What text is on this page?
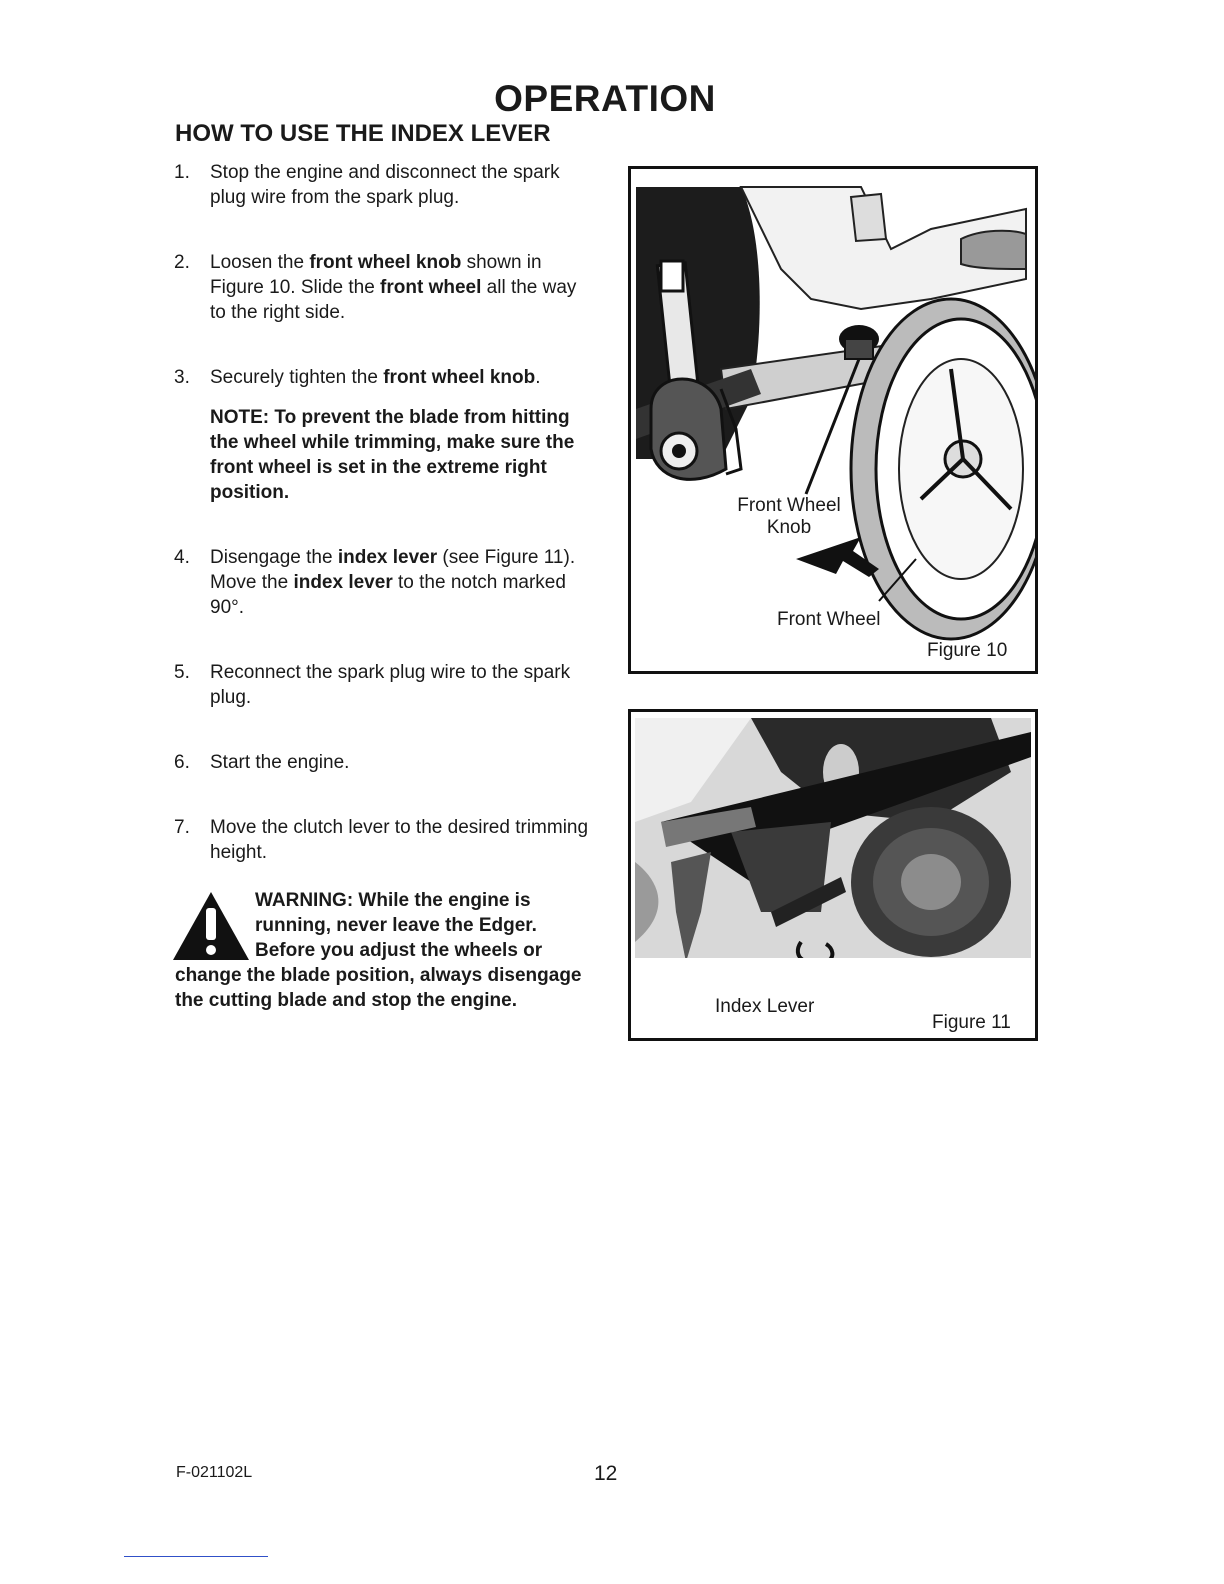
OPERATION
HOW TO USE THE INDEX LEVER
1. Stop the engine and disconnect the spark plug wire from the spark plug.
2. Loosen the front wheel knob shown in Figure 10. Slide the front wheel all the way to the right side.
3. Securely tighten the front wheel knob.

NOTE: To prevent the blade from hitting the wheel while trimming, make sure the front wheel is set in the extreme right position.

4. Disengage the index lever (see Figure 11). Move the index lever to the notch marked 90°.
5. Reconnect the spark plug wire to the spark plug.
6. Start the engine.
7. Move the clutch lever to the desired trimming height.
WARNING: While the engine is running, never leave the Edger. Before you adjust the wheels or change the blade position, always disengage the cutting blade and stop the engine.
Front Wheel
Knob
Front Wheel
Figure 10
Index Lever
Figure 11
F-021102L	12
